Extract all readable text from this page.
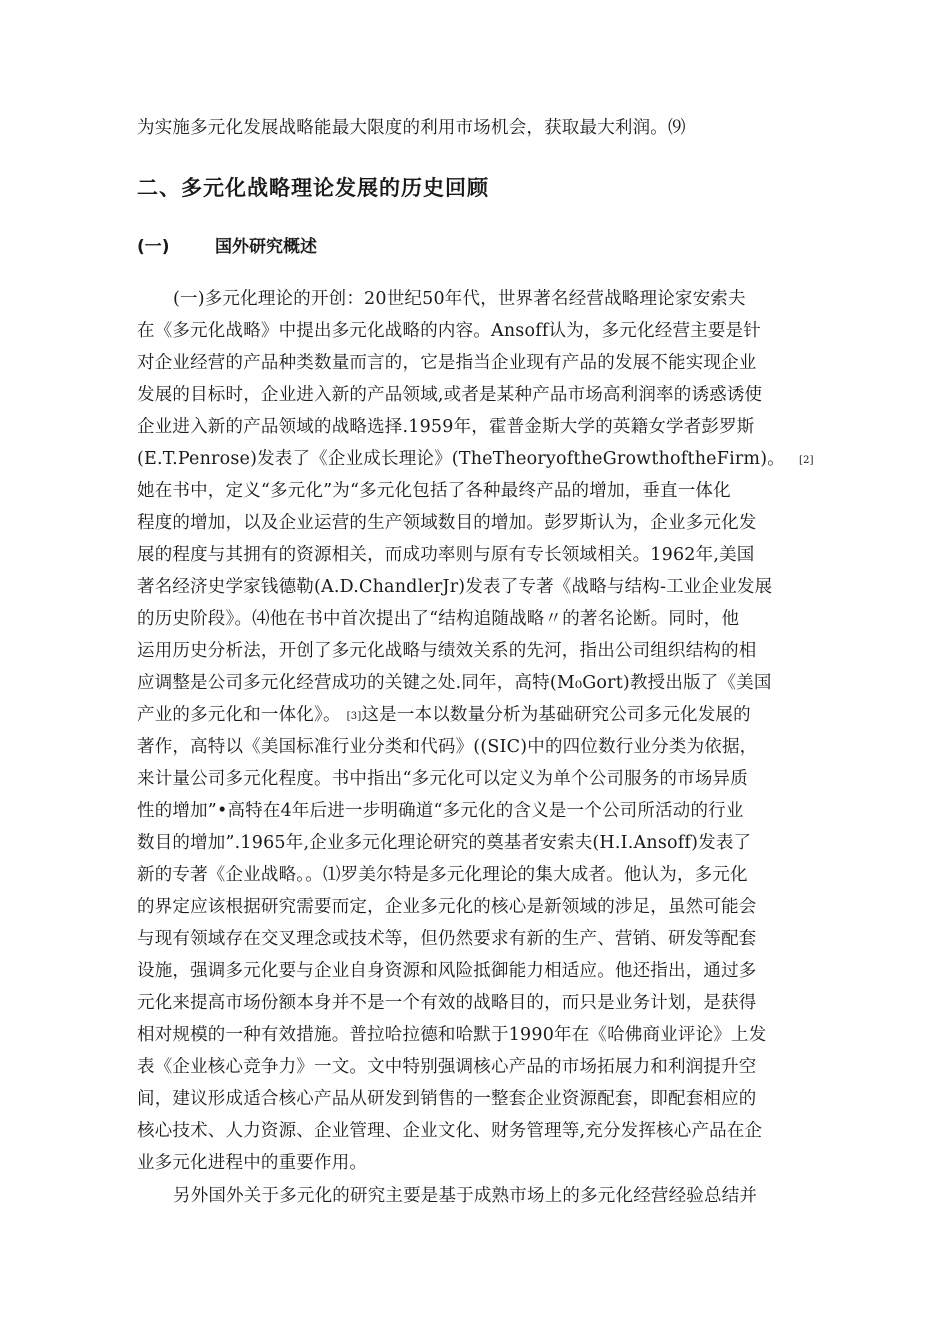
为实施多元化发展战略能最大限度的利用市场机会，获取最大利润。⑼
二、多元化战略理论发展的历史回顾
(一)	国外研究概述
(一)多元化理论的开创：20世纪50年代，世界著名经营战略理论家安索夫
在《多元化战略》中提出多元化战略的内容。Ansoff认为，多元化经营主要是针
对企业经营的产品种类数量而言的，它是指当企业现有产品的发展不能实现企业
发展的目标时，企业进入新的产品领域,或者是某种产品市场高利润率的诱惑诱使
企业进入新的产品领域的战略选择.1959年，霍普金斯大学的英籍女学者彭罗斯
(E.T.Penrose)发表了《企业成长理论》(TheTheoryoftheGrowthoftheFirm)。 [2]
她在书中，定义“多元化”为“多元化包括了各种最终产品的增加，垂直一体化
程度的增加，以及企业运营的生产领域数目的增加。彭罗斯认为，企业多元化发
展的程度与其拥有的资源相关，而成功率则与原有专长领域相关。1962年,美国
著名经济史学家钱德勒(A.D.ChandlerJr)发表了专著《战略与结构-工业企业发展
的历史阶段》。⑷他在书中首次提出了“结构追随战略〃的著名论断。同时，他
运用历史分析法，开创了多元化战略与绩效关系的先河，指出公司组织结构的相
应调整是公司多元化经营成功的关键之处.同年，高特(M₀Gort)教授出版了《美国
产业的多元化和一体化》。 [3]这是一本以数量分析为基础研究公司多元化发展的
著作，高特以《美国标准行业分类和代码》((SIC)中的四位数行业分类为依据，
来计量公司多元化程度。书中指出“多元化可以定义为单个公司服务的市场异质
性的增加”•高特在4年后进一步明确道“多元化的含义是一个公司所活动的行业
数目的增加”.1965年,企业多元化理论研究的奠基者安索夫(H.I.Ansoff)发表了
新的专著《企业战略。。⑴罗美尔特是多元化理论的集大成者。他认为，多元化
的界定应该根据研究需要而定，企业多元化的核心是新领域的涉足，虽然可能会
与现有领域存在交叉理念或技术等，但仍然要求有新的生产、营销、研发等配套
设施，强调多元化要与企业自身资源和风险抵御能力相适应。他还指出，通过多
元化来提高市场份额本身并不是一个有效的战略目的，而只是业务计划，是获得
相对规模的一种有效措施。普拉哈拉德和哈默于1990年在《哈佛商业评论》上发
表《企业核心竞争力》一文。文中特别强调核心产品的市场拓展力和利润提升空
间，建议形成适合核心产品从研发到销售的一整套企业资源配套，即配套相应的
核心技术、人力资源、企业管理、企业文化、财务管理等,充分发挥核心产品在企
业多元化进程中的重要作用。
另外国外关于多元化的研究主要是基于成熟市场上的多元化经营经验总结并
